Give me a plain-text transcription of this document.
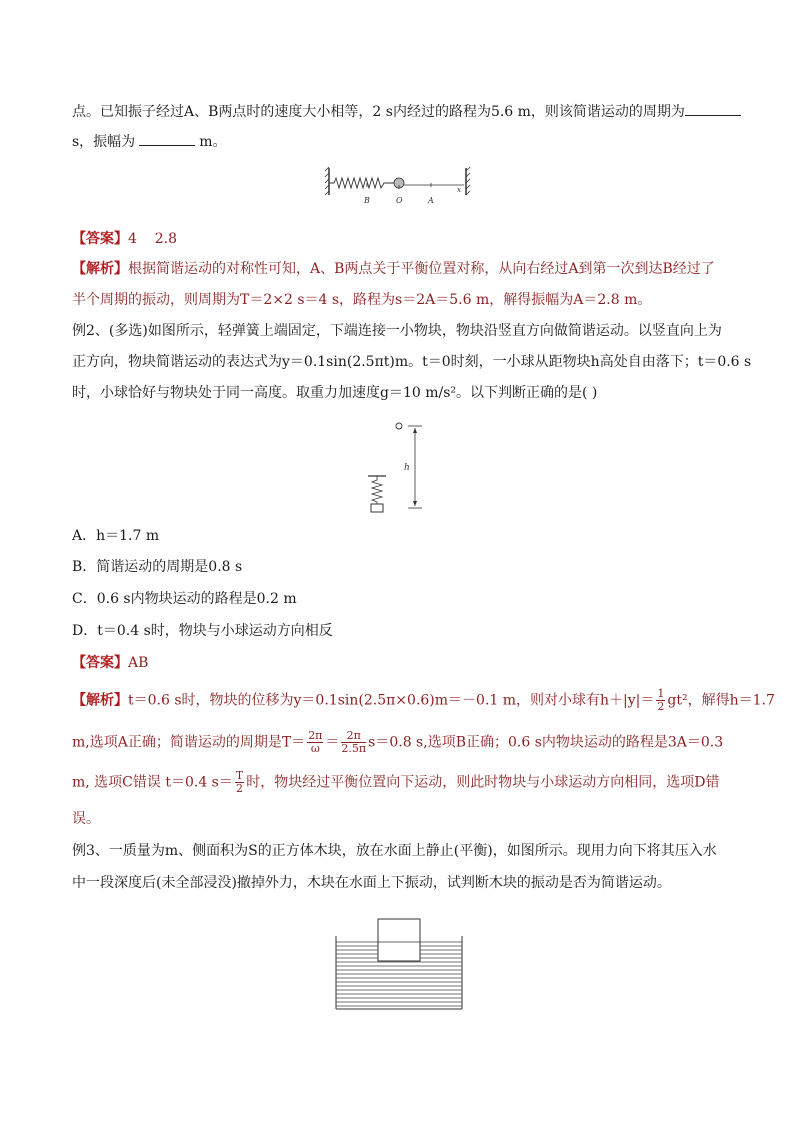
点。已知振子经过A、B两点时的速度大小相等，2 s内经过的路程为5.6 m，则该简谐运动的周期为
s，振幅为	m。
B	O	A
x
【答案】4    2.8
【解析】根据简谐运动的对称性可知，A、B两点关于平衡位置对称，从向右经过A到第一次到达B经过了
半个周期的振动，则周期为T＝2×2 s＝4 s，路程为s＝2A＝5.6 m，解得振幅为A＝2.8 m。
例2、(多选)如图所示，轻弹簧上端固定，下端连接一小物块，物块沿竖直方向做简谐运动。以竖直向上为
正方向，物块简谐运动的表达式为y＝0.1sin(2.5πt)m。t＝0时刻，一小球从距物块h高处自由落下；t＝0.6 s
时，小球恰好与物块处于同一高度。取重力加速度g＝10 m/s²。以下判断正确的是( )
h
A．h＝1.7 m
B．简谐运动的周期是0.8 s
C．0.6 s内物块运动的路程是0.2 m
D．t＝0.4 s时，物块与小球运动方向相反
【答案】AB
【解析】t＝0.6 s时，物块的位移为y＝0.1sin(2.5π×0.6)m＝－0.1 m，则对小球有$h+|y|= \frac{1}{2} gt^2$，解得h＝1.7
m,选项A正确；简谐运动的周期是$T= \frac{2\pi}{\omega} = \frac{2\pi}{2.5\pi} s=0.8$ s,选项B正确；0.6 s内物块运动的路程是3A＝0.3
m, 选项C错误 t＝0.4 $s= \frac{T}{2}$ 时，物块经过平衡位置向下运动，则此时物块与小球运动方向相同，选项D错
误。
例3、一质量为m、侧面积为S的正方体木块，放在水面上静止(平衡)，如图所示。现用力向下将其压入水
中一段深度后(未全部浸没)撤掉外力，木块在水面上下振动，试判断木块的振动是否为简谐运动。
